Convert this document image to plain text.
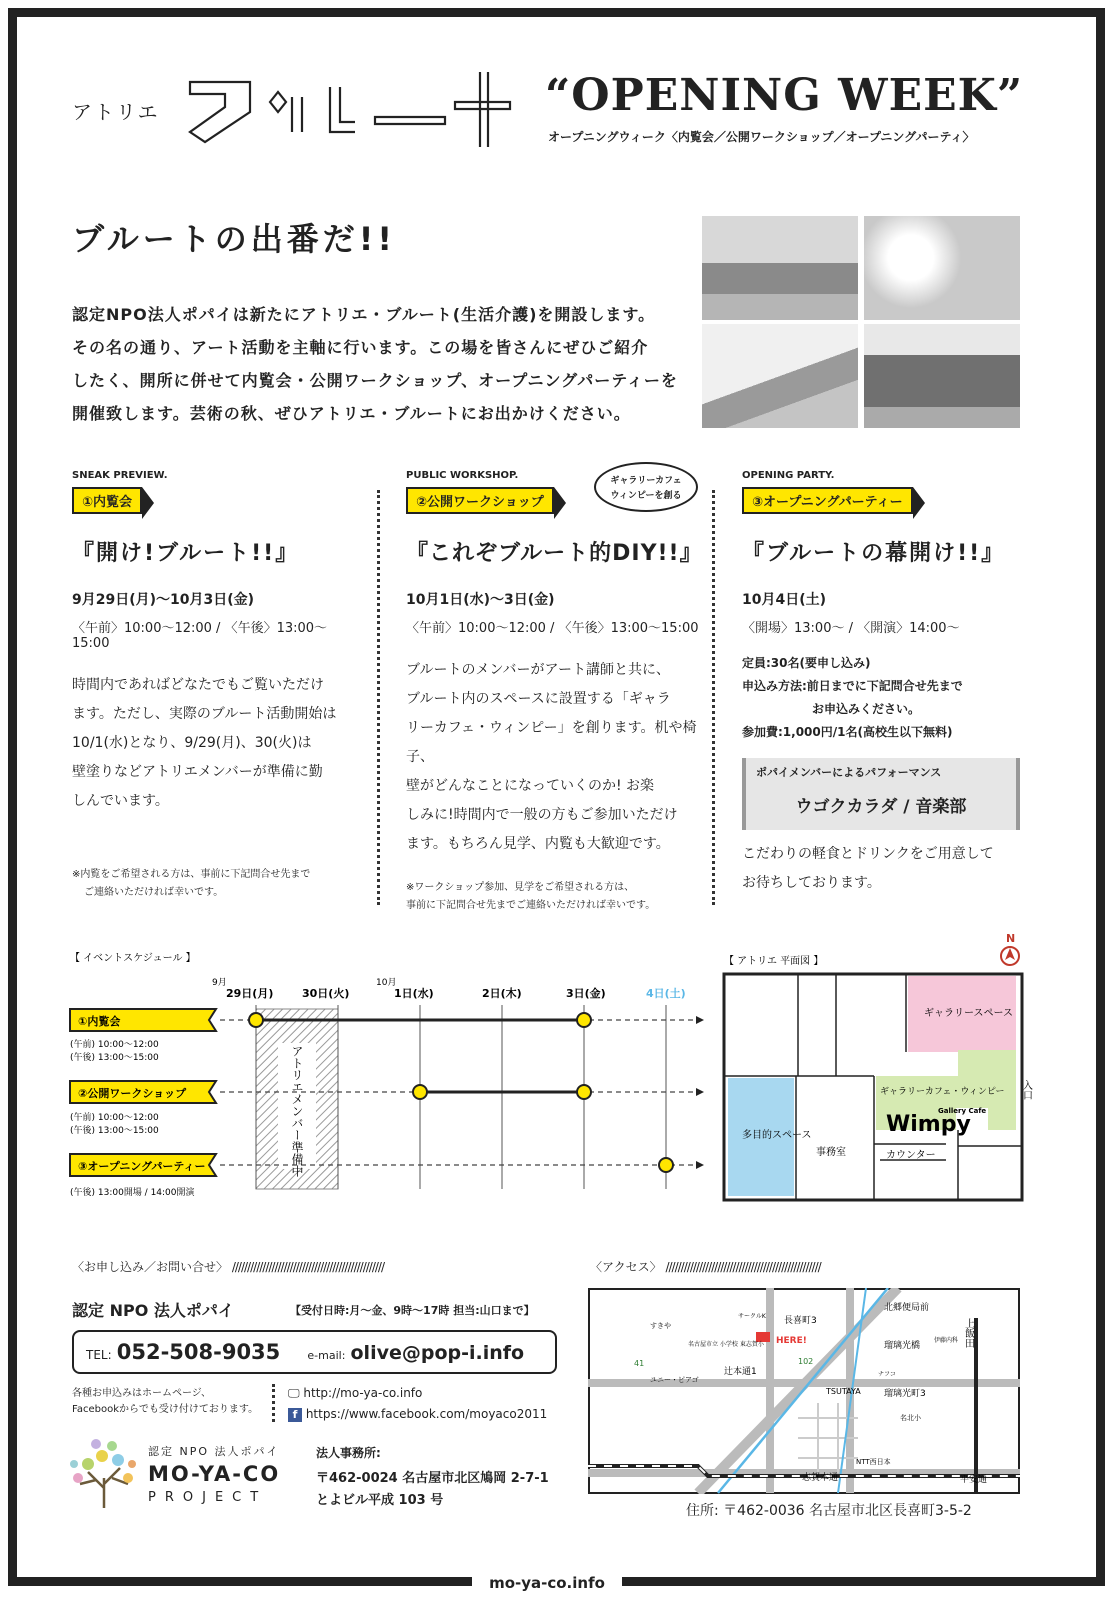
アトリエ	“OPENING WEEK”
オープニングウィーク〈内覧会／公開ワークショップ／オープニングパーティ〉
ブルートの出番だ!!
認定NPO法人ポパイは新たにアトリエ・ブルート(生活介護)を開設します。
その名の通り、アート活動を主軸に行います。この場を皆さんにぜひご紹介
したく、開所に併せて内覧会・公開ワークショップ、オープニングパーティーを
開催致します。芸術の秋、ぜひアトリエ・ブルートにお出かけください。
SNEAK PREVIEW.
①内覧会
『開け!ブルート!!』
9月29日(月)〜10月3日(金)
〈午前〉10:00〜12:00 / 〈午後〉13:00〜15:00
時間内であればどなたでもご覧いただけ
ます。ただし、実際のブルート活動開始は
10/1(水)となり、9/29(月)、30(火)は
壁塗りなどアトリエメンバーが準備に勤
しんでいます。
※内覧をご希望される方は、事前に下記問合せ先まで
ご連絡いただければ幸いです。
PUBLIC WORKSHOP.
②公開ワークショップ
『これぞブルート的DIY!!』
10月1日(水)〜3日(金)
〈午前〉10:00〜12:00 / 〈午後〉13:00〜15:00
ブルートのメンバーがアート講師と共に、
ブルート内のスペースに設置する「ギャラ
リーカフェ・ウィンピー」を創ります。机や椅子、
壁がどんなことになっていくのか! お楽
しみに!時間内で一般の方もご参加いただけ
ます。もちろん見学、内覧も大歓迎です。
※ワークショップ参加、見学をご希望される方は、
事前に下記問合せ先までご連絡いただければ幸いです。
ギャラリーカフェ
ウィンピーを創る
OPENING PARTY.
③オープニングパーティー
『ブルートの幕開け!!』
10月4日(土)
〈開場〉13:00〜 / 〈開演〉14:00〜
定員:30名(要申し込み)
申込み方法:前日までに下記問合せ先まで
お申込みください。
参加費:1,000円/1名(高校生以下無料)
ポパイメンバーによるパフォーマンス
ウゴクカラダ / 音楽部
こだわりの軽食とドリンクをご用意して
お待ちしております。
【 イベントスケジュール 】
9月	10月
29日(月)	30日(火)	1日(水)	2日(木)	3日(金)	4日(土)
アトリエメンバー準備中
①内覧会
②公開ワークショップ
③オープニングパーティー
(午前) 10:00〜12:00
(午後) 13:00〜15:00
(午前) 10:00〜12:00
(午後) 13:00〜15:00
(午後) 13:00開場 / 14:00開演
【 アトリエ 平面図 】
N
ギャラリースペース
ギャラリーカフェ・ウィンピー
Wimpy
Gallery Cafe
多目的スペース
事務室	カウンター
入口
〈お申し込み／お問い合せ〉 //////////////////////////////////////////////////
認定 NPO 法人ポパイ	【受付日時:月〜金、9時〜17時 担当:山口まで】
TEL: 052-508-9035 e-mail: olive@pop-i.info
各種お申込みはホームページ、
Facebookからでも受け付けております。
🖵 http://mo-ya-co.info
f https://www.facebook.com/moyaco2011
認定 NPO 法人ポパイ
MO-YA-CO
PROJECT
法人事務所:
〒462-0024 名古屋市北区鳩岡 2-7-1
とよビル平成 103 号
〈アクセス〉 ///////////////////////////////////////////////////
HERE!
長喜町3
北郷便局前
上飯田
瑠璃光橋
瑠璃光町3
辻本通1
TSUTAYA
志賀本通	平安通
41	102
すきや
名古屋市立 小学校 東志賀小
ユニー・ピアゴ
サークルK
伊藤内科
ナフコ
名北小
NTT西日本
住所: 〒462-0036 名古屋市北区長喜町3-5-2
mo-ya-co.info
